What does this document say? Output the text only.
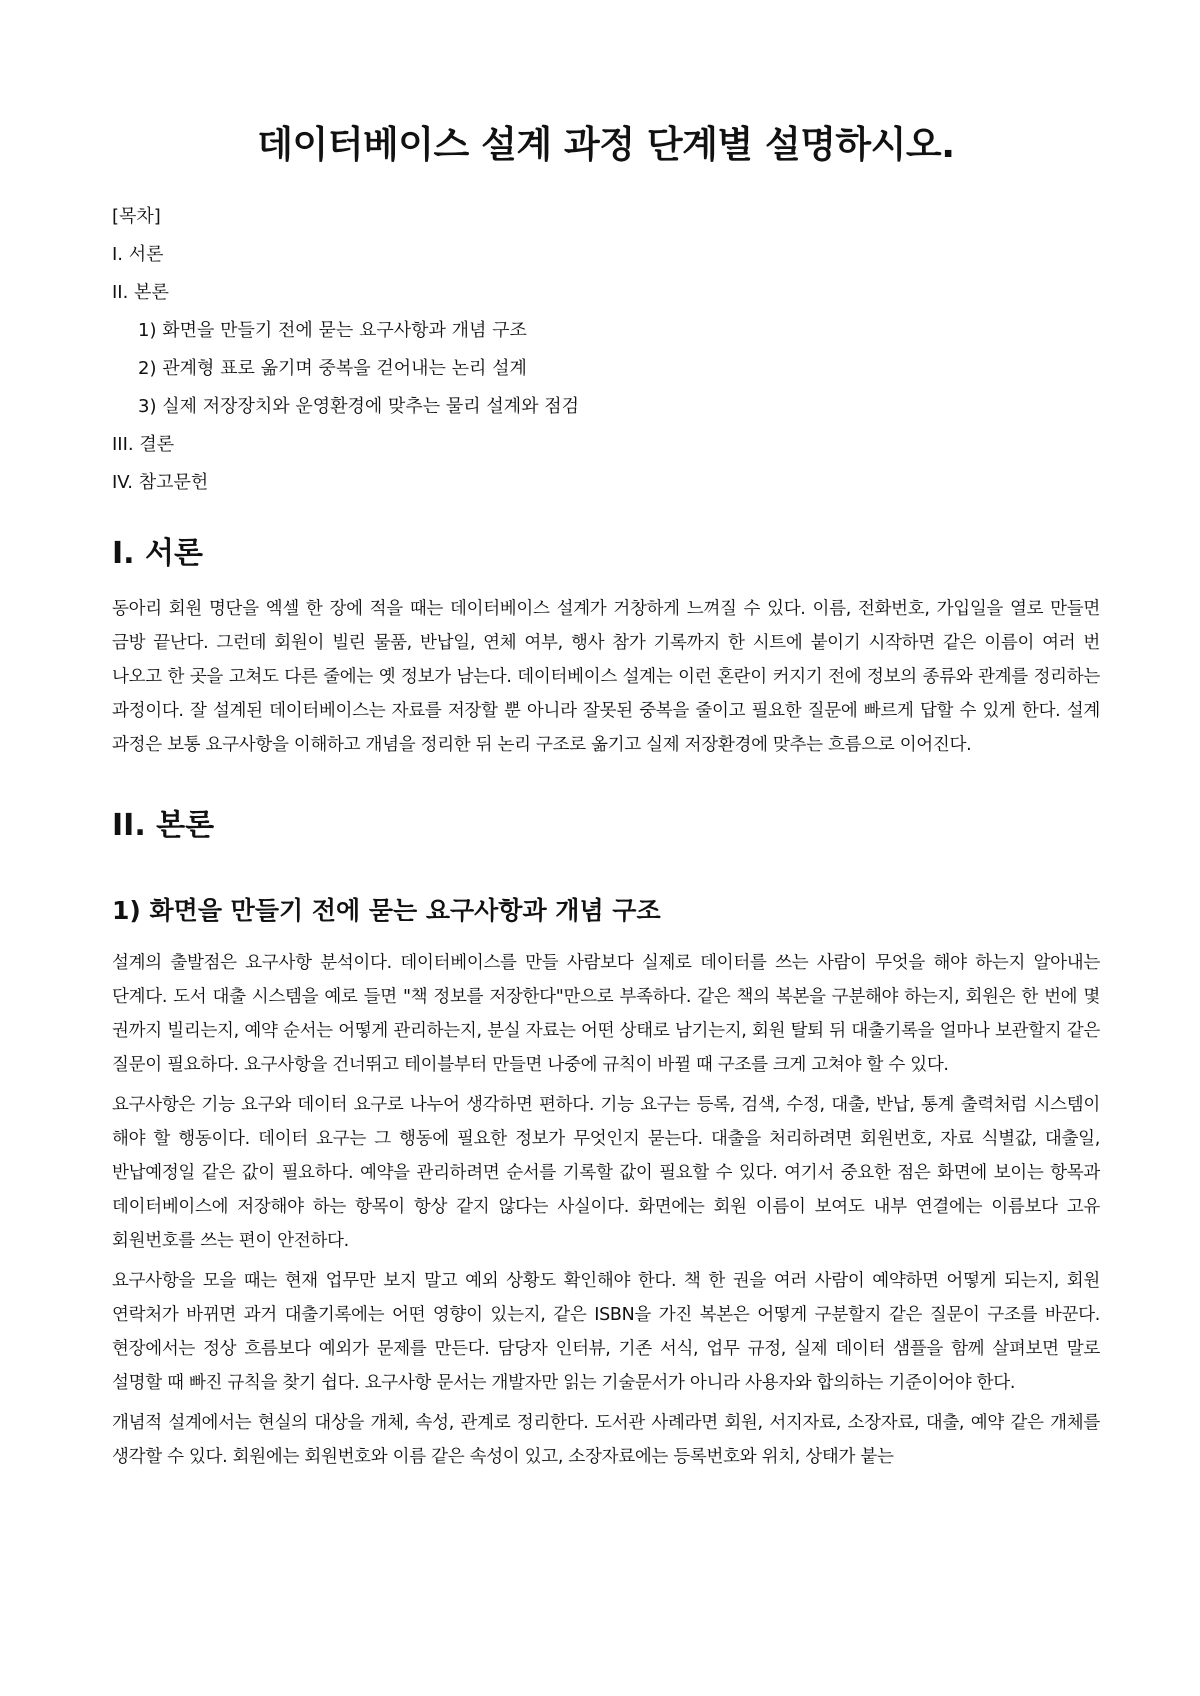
데이터베이스 설계 과정 단계별 설명하시오.
[목차]
I. 서론
II. 본론
1) 화면을 만들기 전에 묻는 요구사항과 개념 구조
2) 관계형 표로 옮기며 중복을 걷어내는 논리 설계
3) 실제 저장장치와 운영환경에 맞추는 물리 설계와 점검
III. 결론
IV. 참고문헌
I. 서론

동아리 회원 명단을 엑셀 한 장에 적을 때는 데이터베이스 설계가 거창하게 느껴질 수 있다. 이름, 전화번호, 가입일을 열로 만들면 금방 끝난다. 그런데 회원이 빌린 물품, 반납일, 연체 여부, 행사 참가 기록까지 한 시트에 붙이기 시작하면 같은 이름이 여러 번 나오고 한 곳을 고쳐도 다른 줄에는 옛 정보가 남는다. 데이터베이스 설계는 이런 혼란이 커지기 전에 정보의 종류와 관계를 정리하는 과정이다. 잘 설계된 데이터베이스는 자료를 저장할 뿐 아니라 잘못된 중복을 줄이고 필요한 질문에 빠르게 답할 수 있게 한다. 설계 과정은 보통 요구사항을 이해하고 개념을 정리한 뒤 논리 구조로 옮기고 실제 저장환경에 맞추는 흐름으로 이어진다.

II. 본론
1) 화면을 만들기 전에 묻는 요구사항과 개념 구조

설계의 출발점은 요구사항 분석이다. 데이터베이스를 만들 사람보다 실제로 데이터를 쓰는 사람이 무엇을 해야 하는지 알아내는 단계다. 도서 대출 시스템을 예로 들면 "책 정보를 저장한다"만으로 부족하다. 같은 책의 복본을 구분해야 하는지, 회원은 한 번에 몇 권까지 빌리는지, 예약 순서는 어떻게 관리하는지, 분실 자료는 어떤 상태로 남기는지, 회원 탈퇴 뒤 대출기록을 얼마나 보관할지 같은 질문이 필요하다. 요구사항을 건너뛰고 테이블부터 만들면 나중에 규칙이 바뀔 때 구조를 크게 고쳐야 할 수 있다.

요구사항은 기능 요구와 데이터 요구로 나누어 생각하면 편하다. 기능 요구는 등록, 검색, 수정, 대출, 반납, 통계 출력처럼 시스템이 해야 할 행동이다. 데이터 요구는 그 행동에 필요한 정보가 무엇인지 묻는다. 대출을 처리하려면 회원번호, 자료 식별값, 대출일, 반납예정일 같은 값이 필요하다. 예약을 관리하려면 순서를 기록할 값이 필요할 수 있다. 여기서 중요한 점은 화면에 보이는 항목과 데이터베이스에 저장해야 하는 항목이 항상 같지 않다는 사실이다. 화면에는 회원 이름이 보여도 내부 연결에는 이름보다 고유 회원번호를 쓰는 편이 안전하다.

요구사항을 모을 때는 현재 업무만 보지 말고 예외 상황도 확인해야 한다. 책 한 권을 여러 사람이 예약하면 어떻게 되는지, 회원 연락처가 바뀌면 과거 대출기록에는 어떤 영향이 있는지, 같은 ISBN을 가진 복본은 어떻게 구분할지 같은 질문이 구조를 바꾼다. 현장에서는 정상 흐름보다 예외가 문제를 만든다. 담당자 인터뷰, 기존 서식, 업무 규정, 실제 데이터 샘플을 함께 살펴보면 말로 설명할 때 빠진 규칙을 찾기 쉽다. 요구사항 문서는 개발자만 읽는 기술문서가 아니라 사용자와 합의하는 기준이어야 한다.

개념적 설계에서는 현실의 대상을 개체, 속성, 관계로 정리한다. 도서관 사례라면 회원, 서지자료, 소장자료, 대출, 예약 같은 개체를 생각할 수 있다. 회원에는 회원번호와 이름 같은 속성이 있고, 소장자료에는 등록번호와 위치, 상태가 붙는
